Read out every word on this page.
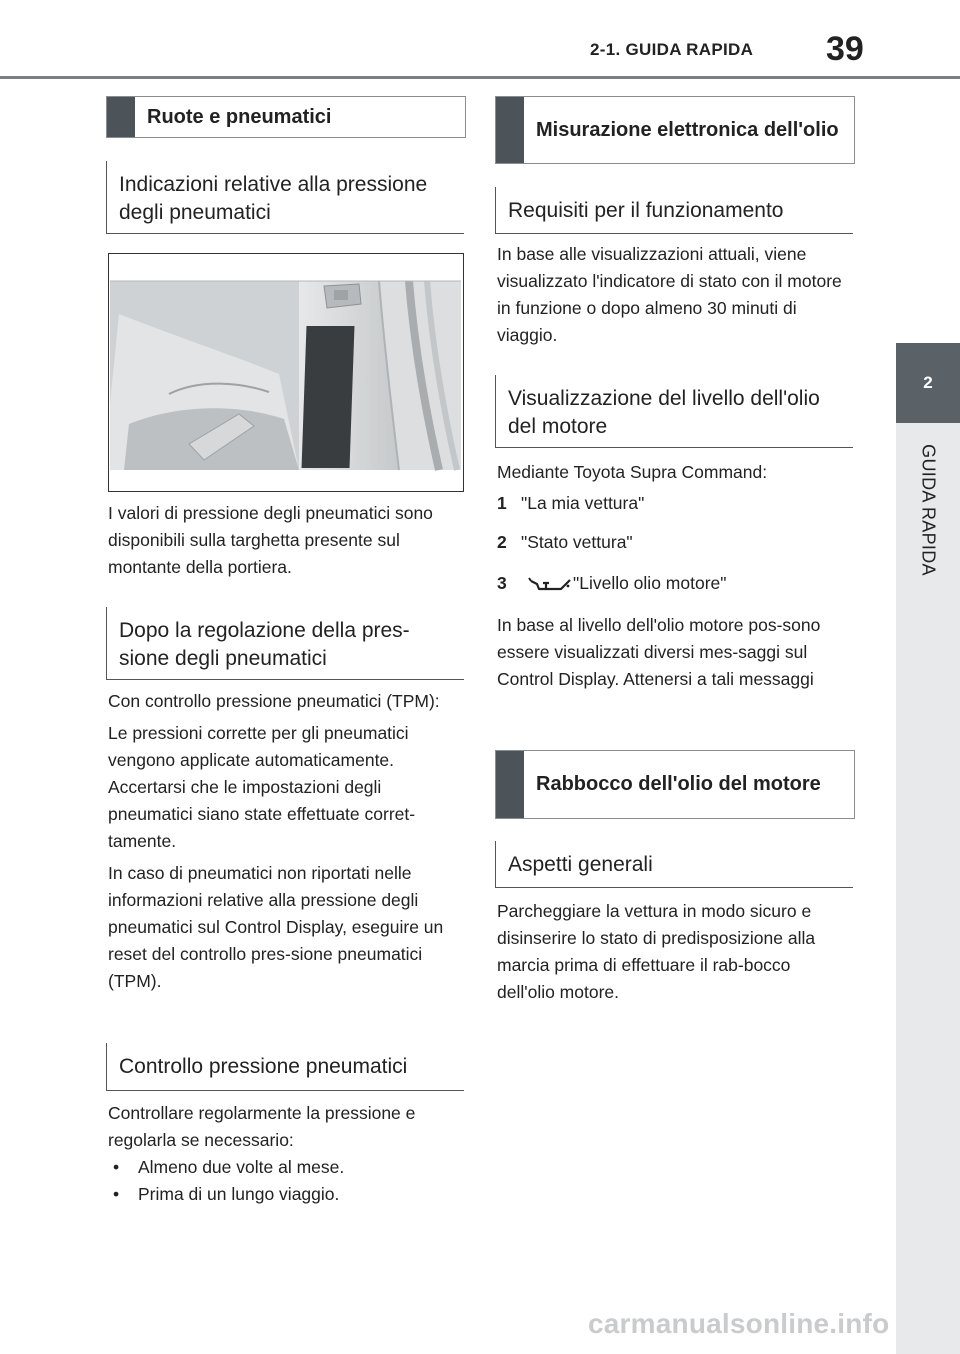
2-1. GUIDA RAPIDA 39
2
GUIDA RAPIDA
Ruote e pneumatici
Indicazioni relative alla pressione degli pneumatici

I valori di pressione degli pneumatici sono disponibili sulla targhetta presente sul montante della portiera.

Dopo la regolazione della pres-sione degli pneumatici

Con controllo pressione pneumatici (TPM):

Le pressioni corrette per gli pneumatici vengono applicate automaticamente. Accertarsi che le impostazioni degli pneumatici siano state effettuate corret-tamente.

In caso di pneumatici non riportati nelle informazioni relative alla pressione degli pneumatici sul Control Display, eseguire un reset del controllo pres-sione pneumatici (TPM).

Controllo pressione pneumatici

Controllare regolarmente la pressione e regolarla se necessario:

•	Almeno due volte al mese.
•	Prima di un lungo viaggio.
Misurazione elettronica dell'olio
Requisiti per il funzionamento

In base alle visualizzazioni attuali, viene visualizzato l'indicatore di stato con il motore in funzione o dopo almeno 30 minuti di viaggio.

Visualizzazione del livello dell'olio del motore

Mediante Toyota Supra Command:

1 "La mia vettura"
2 "Stato vettura"
3	"Livello olio motore"

In base al livello dell'olio motore pos-sono essere visualizzati diversi mes-saggi sul Control Display. Attenersi a tali messaggi

Rabbocco dell'olio del motore
Aspetti generali

Parcheggiare la vettura in modo sicuro e disinserire lo stato di predisposizione alla marcia prima di effettuare il rab-bocco dell'olio motore.

carmanualsonline.info
